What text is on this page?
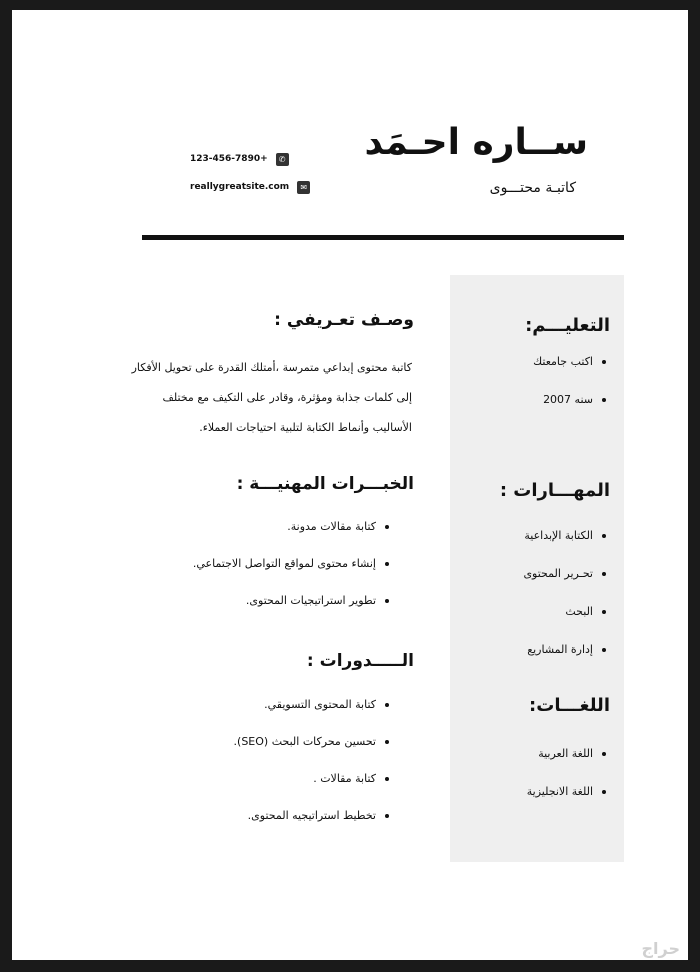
ســاره احـمَد
كاتبـة محتـــوى
123-456-7890+	✆
reallygreatsite.com	✉
التعليـــم:
اكتب جامعتك
سنه 2007
المهـــارات :
الكتابة الإبداعية
تحـرير المحتوى
البحث
إدارة المشاريع
اللغـــات:
اللغة العربية
اللغة الانجليزية
وصـف تعـريفي :

كاتبة محتوى إبداعي متمرسة ،أمتلك القدرة على تحويل الأفكار إلى كلمات جذابة ومؤثرة، وقادر على التكيف مع مختلف الأساليب وأنماط الكتابة لتلبية احتياجات العملاء.

الخبـــرات المهنيـــة :
كتابة مقالات مدونة.
إنشاء محتوى لمواقع التواصل الاجتماعي.
تطوير استراتيجيات المحتوى.
الـــــدورات :
كتابة المحتوى التسويقي.
تحسين محركات البحث (SEO).
كتابة مقالات .
تخطيط استراتيجيه المحتوى.
حراج
